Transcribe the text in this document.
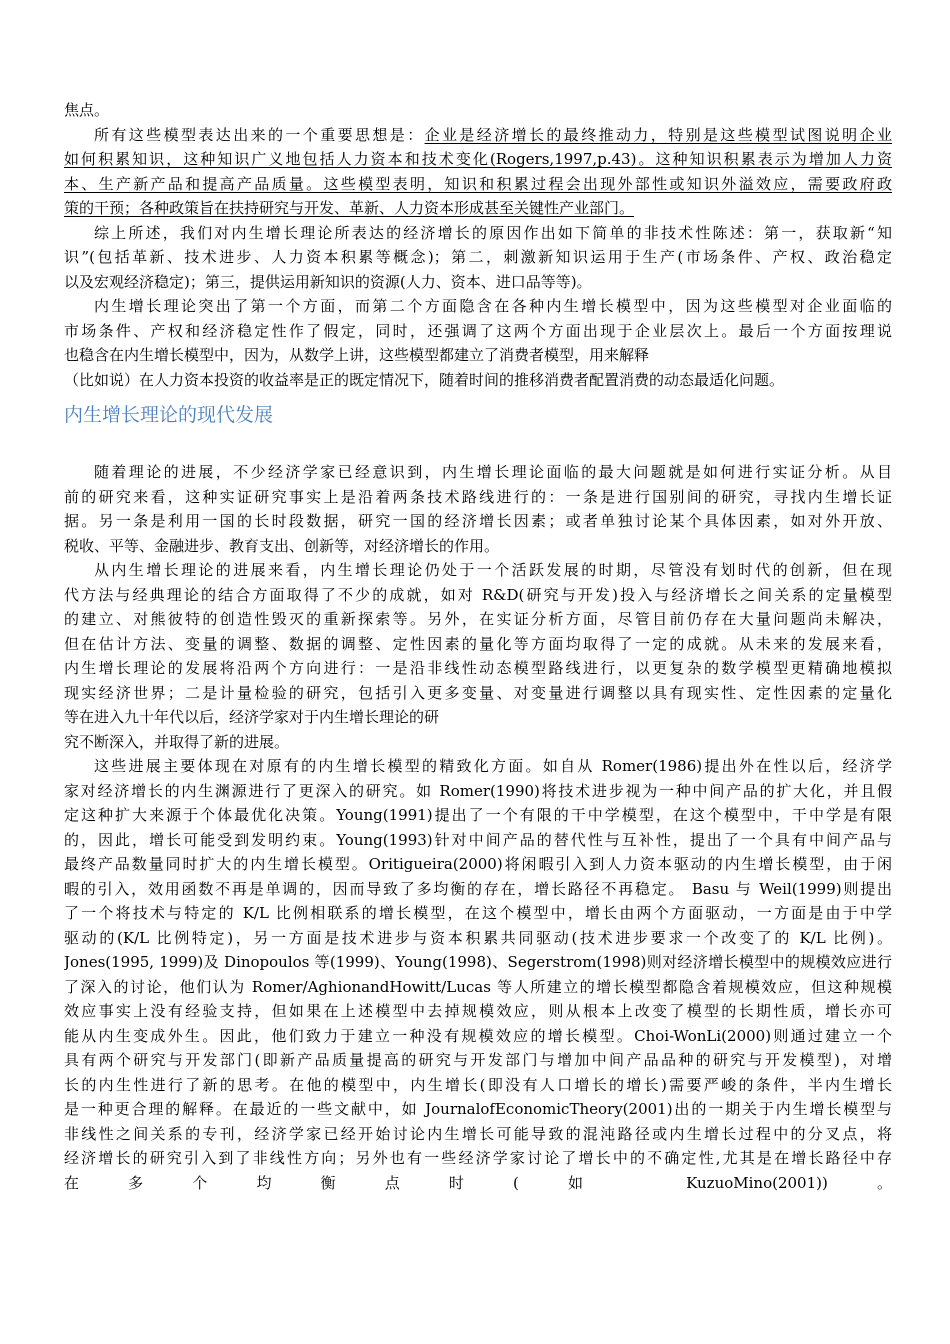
焦点。
所有这些模型表达出来的一个重要思想是：企业是经济增长的最终推动力，特别是这些模型试图说明企业
如何积累知识，这种知识广义地包括人力资本和技术变化(Rogers,1997,p.43)。这种知识积累表示为增加人力资
本、生产新产品和提高产品质量。这些模型表明，知识和积累过程会出现外部性或知识外溢效应，需要政府政
策的干预；各种政策旨在扶持研究与开发、革新、人力资本形成甚至关键性产业部门。
综上所述，我们对内生增长理论所表达的经济增长的原因作出如下简单的非技术性陈述：第一，获取新“知
识”(包括革新、技术进步、人力资本积累等概念)；第二，刺激新知识运用于生产(市场条件、产权、政治稳定
以及宏观经济稳定)；第三，提供运用新知识的资源(人力、资本、进口品等等)。
内生增长理论突出了第一个方面，而第二个方面隐含在各种内生增长模型中，因为这些模型对企业面临的
市场条件、产权和经济稳定性作了假定，同时，还强调了这两个方面出现于企业层次上。最后一个方面按理说
也稳含在内生增长模型中，因为，从数学上讲，这些模型都建立了消费者模型，用来解释
（比如说）在人力资本投资的收益率是正的既定情况下，随着时间的推移消费者配置消费的动态最适化问题。
内生增长理论的现代发展
随着理论的进展，不少经济学家已经意识到，内生增长理论面临的最大问题就是如何进行实证分析。从目
前的研究来看，这种实证研究事实上是沿着两条技术路线进行的：一条是进行国别间的研究，寻找内生增长证
据。另一条是利用一国的长时段数据，研究一国的经济增长因素；或者单独讨论某个具体因素，如对外开放、
税收、平等、金融进步、教育支出、创新等，对经济增长的作用。
从内生增长理论的进展来看，内生增长理论仍处于一个活跃发展的时期，尽管没有划时代的创新，但在现
代方法与经典理论的结合方面取得了不少的成就，如对 R&D(研究与开发)投入与经济增长之间关系的定量模型
的建立、对熊彼特的创造性毁灭的重新探索等。另外，在实证分析方面，尽管目前仍存在大量问题尚未解决，
但在估计方法、变量的调整、数据的调整、定性因素的量化等方面均取得了一定的成就。从未来的发展来看，
内生增长理论的发展将沿两个方向进行：一是沿非线性动态模型路线进行，以更复杂的数学模型更精确地模拟
现实经济世界；二是计量检验的研究，包括引入更多变量、对变量进行调整以具有现实性、定性因素的定量化
等在进入九十年代以后，经济学家对于内生增长理论的研
究不断深入，并取得了新的进展。
这些进展主要体现在对原有的内生增长模型的精致化方面。如自从 Romer(1986)提出外在性以后，经济学
家对经济增长的内生渊源进行了更深入的研究。如 Romer(1990)将技术进步视为一种中间产品的扩大化，并且假
定这种扩大来源于个体最优化决策。Young(1991)提出了一个有限的干中学模型，在这个模型中，干中学是有限
的，因此，增长可能受到发明约束。Young(1993)针对中间产品的替代性与互补性，提出了一个具有中间产品与
最终产品数量同时扩大的内生增长模型。Oritigueira(2000)将闲暇引入到人力资本驱动的内生增长模型，由于闲
暇的引入，效用函数不再是单调的，因而导致了多均衡的存在，增长路径不再稳定。 Basu 与 Weil(1999)则提出
了一个将技术与特定的 K/L 比例相联系的增长模型，在这个模型中，增长由两个方面驱动，一方面是由于中学
驱动的(K/L 比例特定)，另一方面是技术进步与资本积累共同驱动(技术进步要求一个改变了的 K/L 比例)。
Jones(1995, 1999)及 Dinopoulos 等(1999)、Young(1998)、Segerstrom(1998)则对经济增长模型中的规模效应进行
了深入的讨论，他们认为 Romer/AghionandHowitt/Lucas 等人所建立的增长模型都隐含着规模效应，但这种规模
效应事实上没有经验支持，但如果在上述模型中去掉规模效应，则从根本上改变了模型的长期性质，增长亦可
能从内生变成外生。因此，他们致力于建立一种没有规模效应的增长模型。Choi-WonLi(2000)则通过建立一个
具有两个研究与开发部门(即新产品质量提高的研究与开发部门与增加中间产品品种的研究与开发模型)，对增
长的内生性进行了新的思考。在他的模型中，内生增长(即没有人口增长的增长)需要严峻的条件，半内生增长
是一种更合理的解释。在最近的一些文献中，如 JournalofEconomicTheory(2001)出的一期关于内生增长模型与
非线性之间关系的专刊，经济学家已经开始讨论内生增长可能导致的混沌路径或内生增长过程中的分叉点，将
经济增长的研究引入到了非线性方向；另外也有一些经济学家讨论了增长中的不确定性,尤其是在增长路径中存
在多个均衡点时(如 KuzuoMino(2001))。
